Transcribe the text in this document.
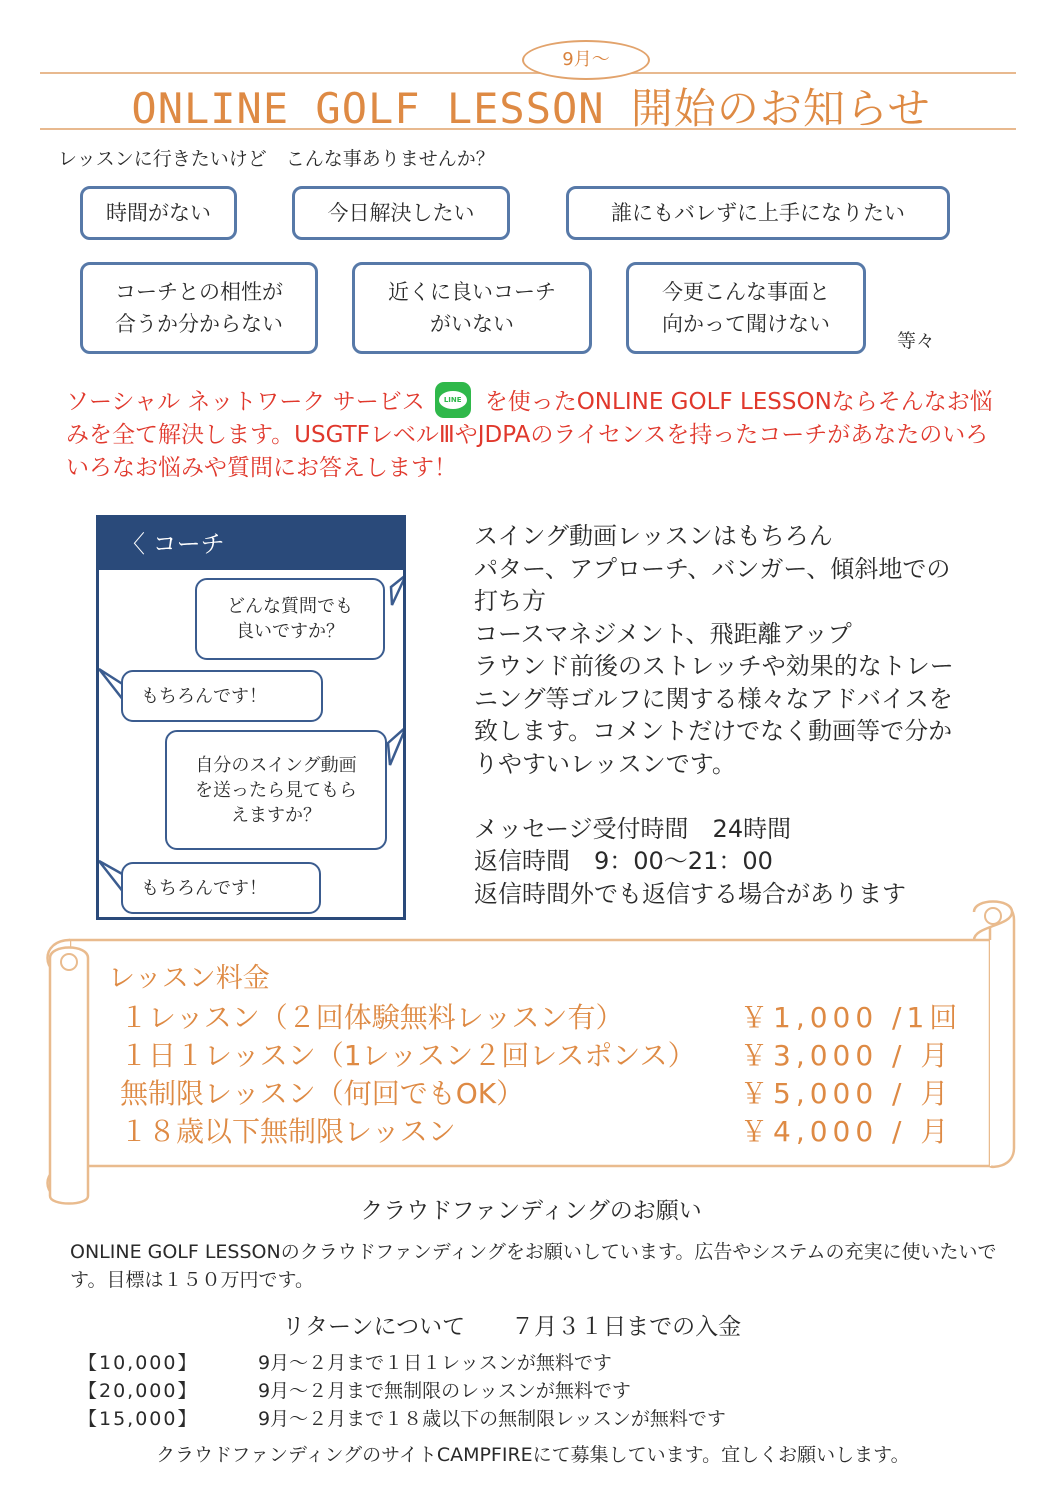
9月〜
ONLINE GOLF LESSON 開始のお知らせ
レッスンに行きたいけど　こんな事ありませんか？
時間がない	今日解決したい	誰にもバレずに上手になりたい
コーチとの相性が
合うか分からない
近くに良いコーチ
がいない
今更こんな事面と
向かって聞けない
等々
ソーシャル ネットワーク サービス	LINE を使ったONLINE GOLF LESSONならそんなお悩みを全て解決します。USGTFレベルⅢやJDPAのライセンスを持ったコーチがあなたのいろいろなお悩みや質問にお答えします！
〈 コーチ
どんな質問でも
良いですか？
もちろんです！
自分のスイング動画
を送ったら見てもら
えますか？
もちろんです！
スイング動画レッスンはもちろん
パター、アプローチ、バンガー、傾斜地での
打ち方
コースマネジメント、飛距離アップ
ラウンド前後のストレッチや効果的なトレー
ニング等ゴルフに関する様々なアドバイスを
致します。コメントだけでなく動画等で分か
りやすいレッスンです。
メッセージ受付時間　24時間
返信時間　9：00〜21：00
返信時間外でも返信する場合があります
レッスン料金
１レッスン（２回体験無料レッスン有）	￥1,000 /1回
１日１レッスン（1レッスン２回レスポンス） ￥3,000 / 月
無制限レッスン（何回でもOK）	￥5,000 / 月
１８歳以下無制限レッスン	￥4,000 / 月
クラウドファンディングのお願い
ONLINE GOLF LESSONのクラウドファンディングをお願いしています。広告やシステムの充実に使いたいです。目標は１５０万円です。
リターンについて　　７月３１日までの入金
【10,000】	9月〜２月まで１日１レッスンが無料です
【20,000】	9月〜２月まで無制限のレッスンが無料です
【15,000】	9月〜２月まで１８歳以下の無制限レッスンが無料です
クラウドファンディングのサイトCAMPFIREにて募集しています。宜しくお願いします。
